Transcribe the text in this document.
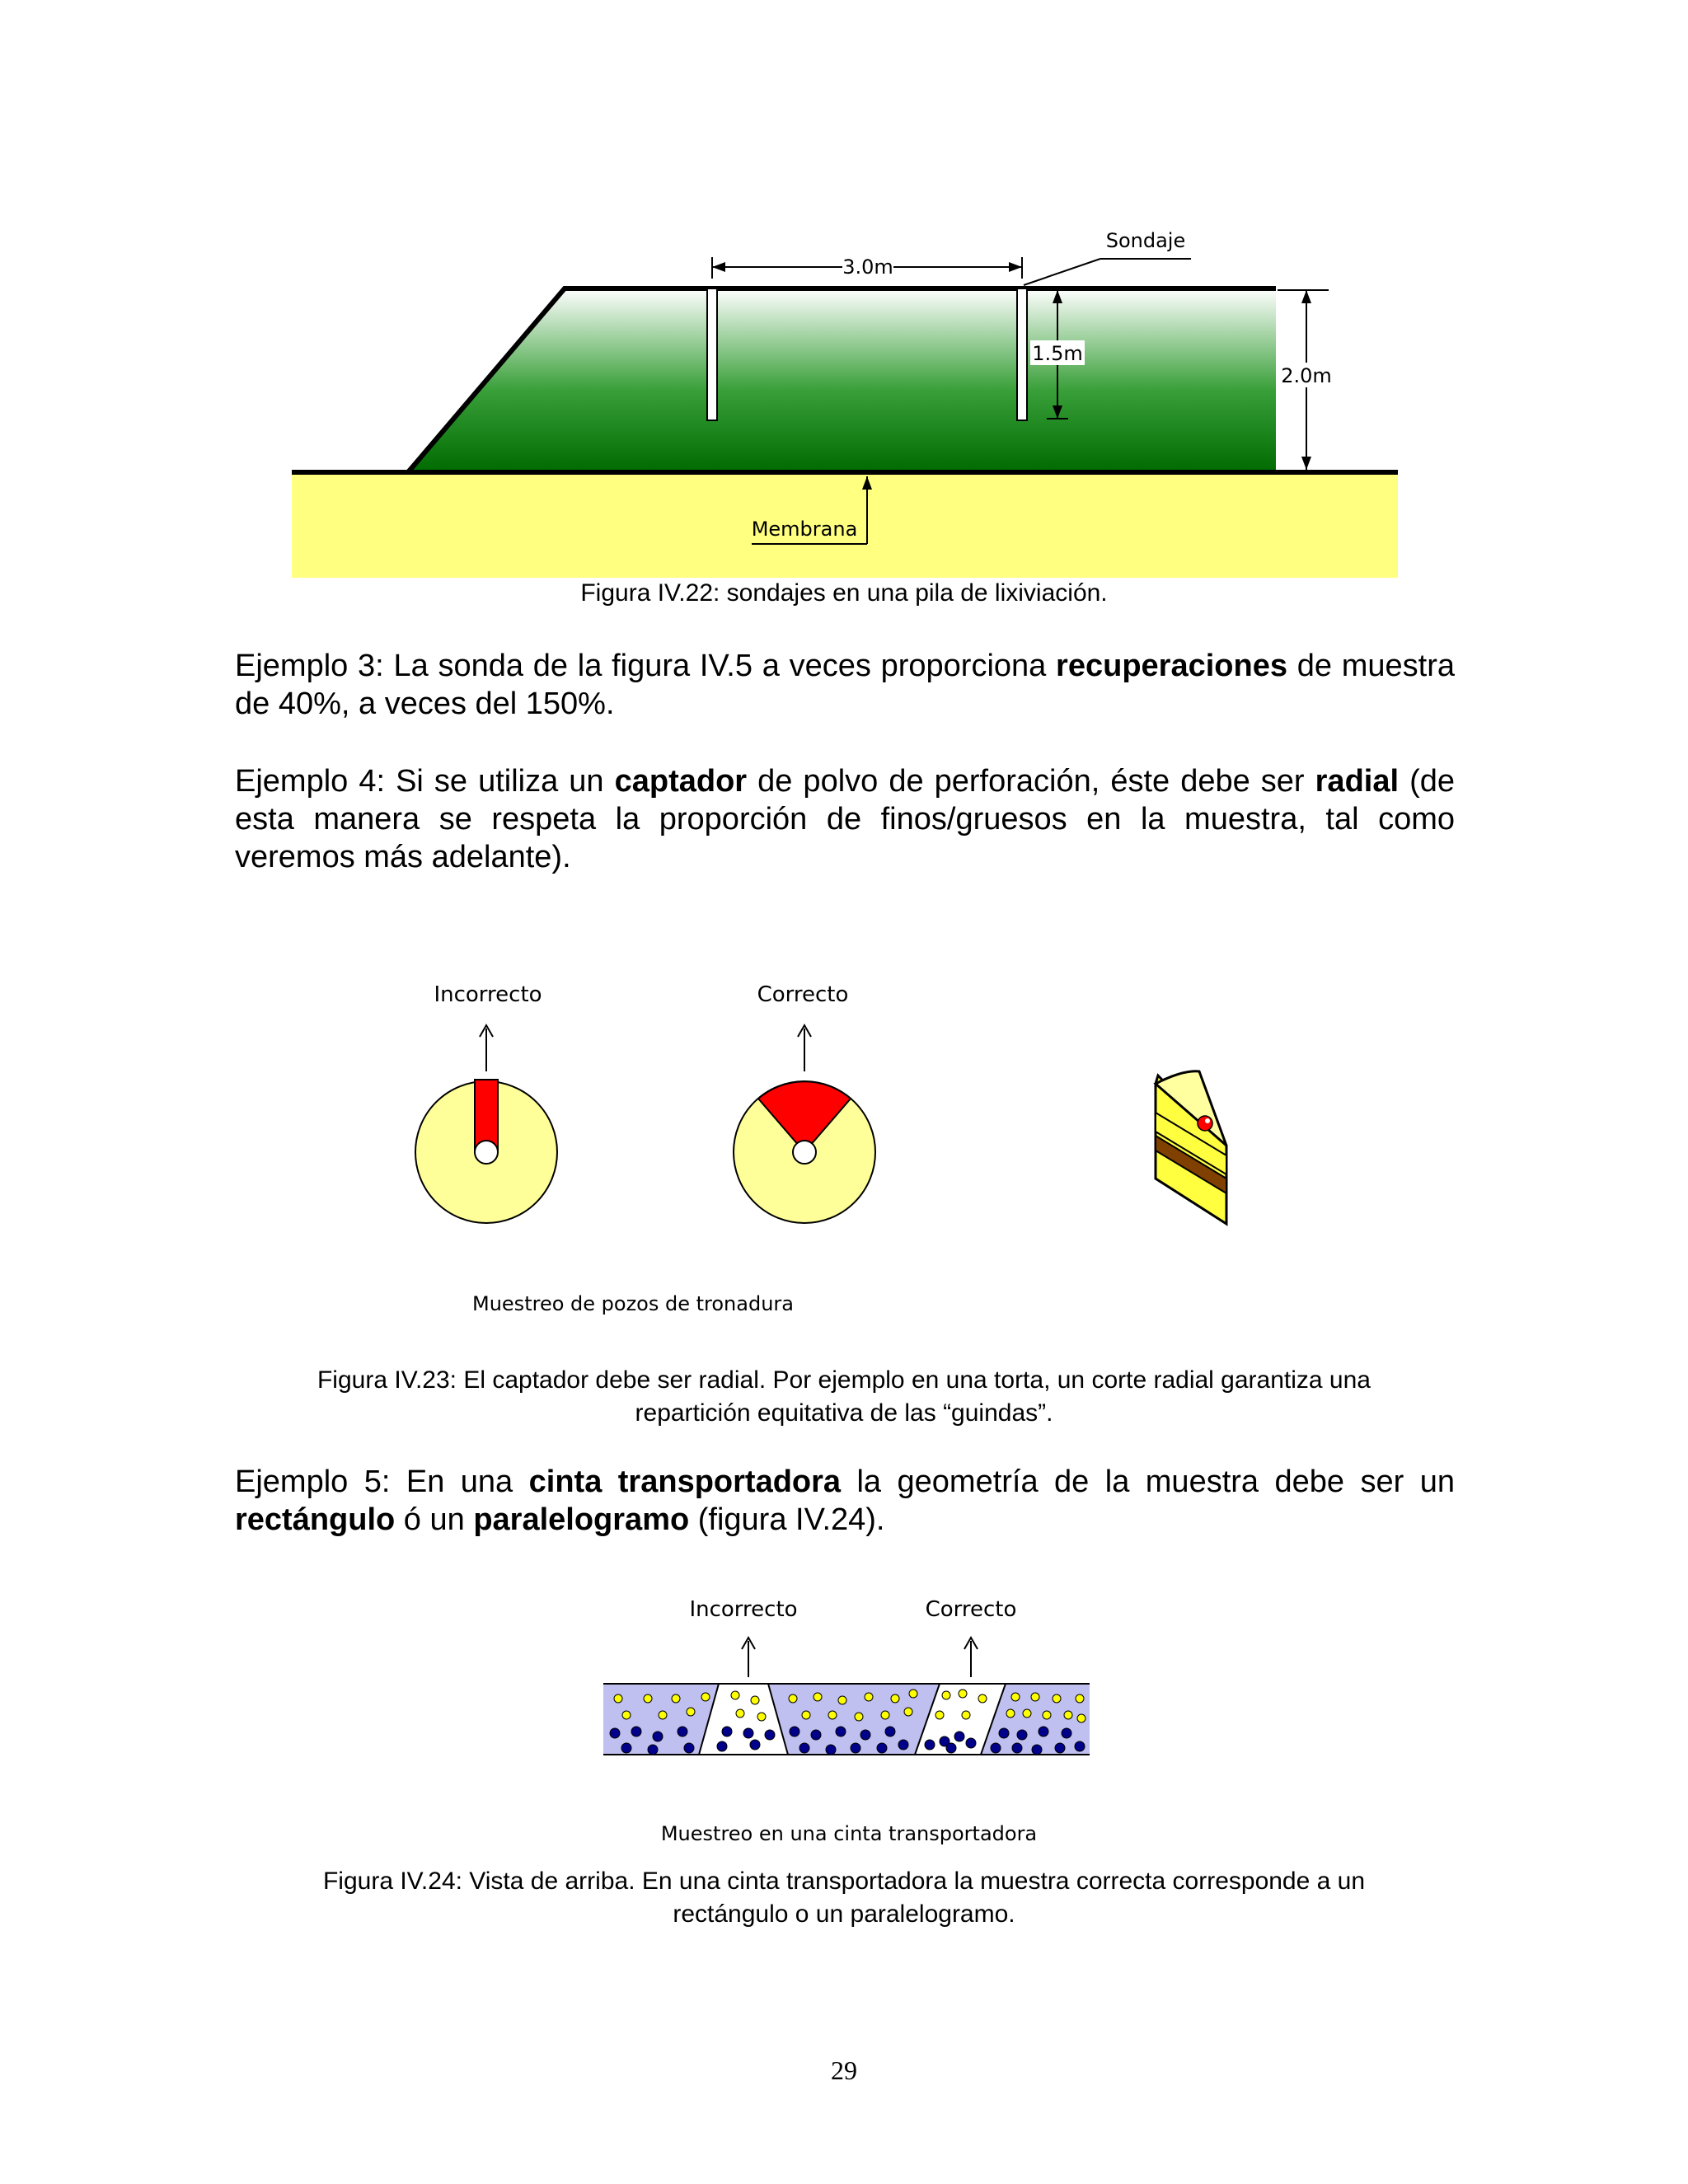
3.0m
Sondaje
1.5m
2.0m
Membrana
Figura IV.22: sondajes en una pila de lixiviación.

Ejemplo 3: La sonda de la figura IV.5 a veces proporciona recuperaciones de muestra de 40%, a veces del 150%.

Ejemplo 4: Si se utiliza un captador de polvo de perforación, éste debe ser radial (de esta manera se respeta la proporción de finos/gruesos en la muestra, tal como veremos más adelante).

Incorrecto	Correcto
Muestreo de pozos de tronadura
Figura IV.23: El captador debe ser radial. Por ejemplo en una torta, un corte radial garantiza una
repartición equitativa de las “guindas”.

Ejemplo 5: En una cinta transportadora la geometría de la muestra debe ser un rectángulo ó un paralelogramo (figura IV.24).

Incorrecto	Correcto
Muestreo en una cinta transportadora
Figura IV.24: Vista de arriba. En una cinta transportadora la muestra correcta corresponde a un
rectángulo o un paralelogramo.
29
